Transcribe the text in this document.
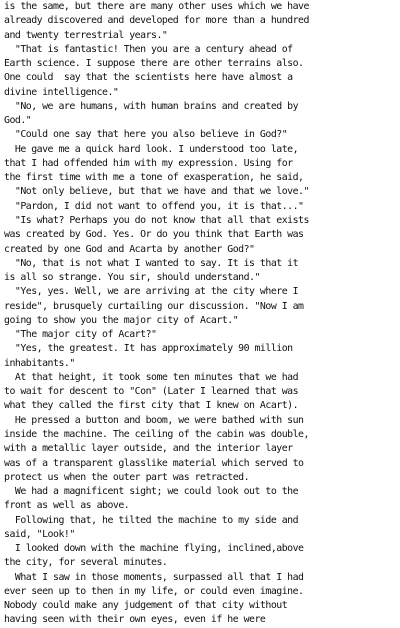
is the same, but there are many other uses which we have
already discovered and developed for more than a hundred
and twenty terrestrial years."
"That is fantastic! Then you are a century ahead of
Earth science. I suppose there are other terrains also.
One could  say that the scientists here have almost a
divine intelligence."
"No, we are humans, with human brains and created by
God."
"Could one say that here you also believe in God?"
He gave me a quick hard look. I understood too late,
that I had offended him with my expression. Using for
the first time with me a tone of exasperation, he said,
"Not only believe, but that we have and that we love."
"Pardon, I did not want to offend you, it is that..."
"Is what? Perhaps you do not know that all that exists
was created by God. Yes. Or do you think that Earth was
created by one God and Acarta by another God?"
"No, that is not what I wanted to say. It is that it
is all so strange. You sir, should understand."
"Yes, yes. Well, we are arriving at the city where I
reside", brusquely curtailing our discussion. "Now I am
going to show you the major city of Acart."
"The major city of Acart?"
"Yes, the greatest. It has approximately 90 million
inhabitants."
At that height, it took some ten minutes that we had
to wait for descent to "Con" (Later I learned that was
what they called the first city that I knew on Acart).
He pressed a button and boom, we were bathed with sun
inside the machine. The ceiling of the cabin was double,
with a metallic layer outside, and the interior layer
was of a transparent glasslike material which served to
protect us when the outer part was retracted.
We had a magnificent sight; we could look out to the
front as well as above.
Following that, he tilted the machine to my side and
said, "Look!"
I looked down with the machine flying, inclined,above
the city, for several minutes.
What I saw in those moments, surpassed all that I had
ever seen up to then in my life, or could even imagine.
Nobody could make any judgement of that city without
having seen with their own eyes, even if he were
